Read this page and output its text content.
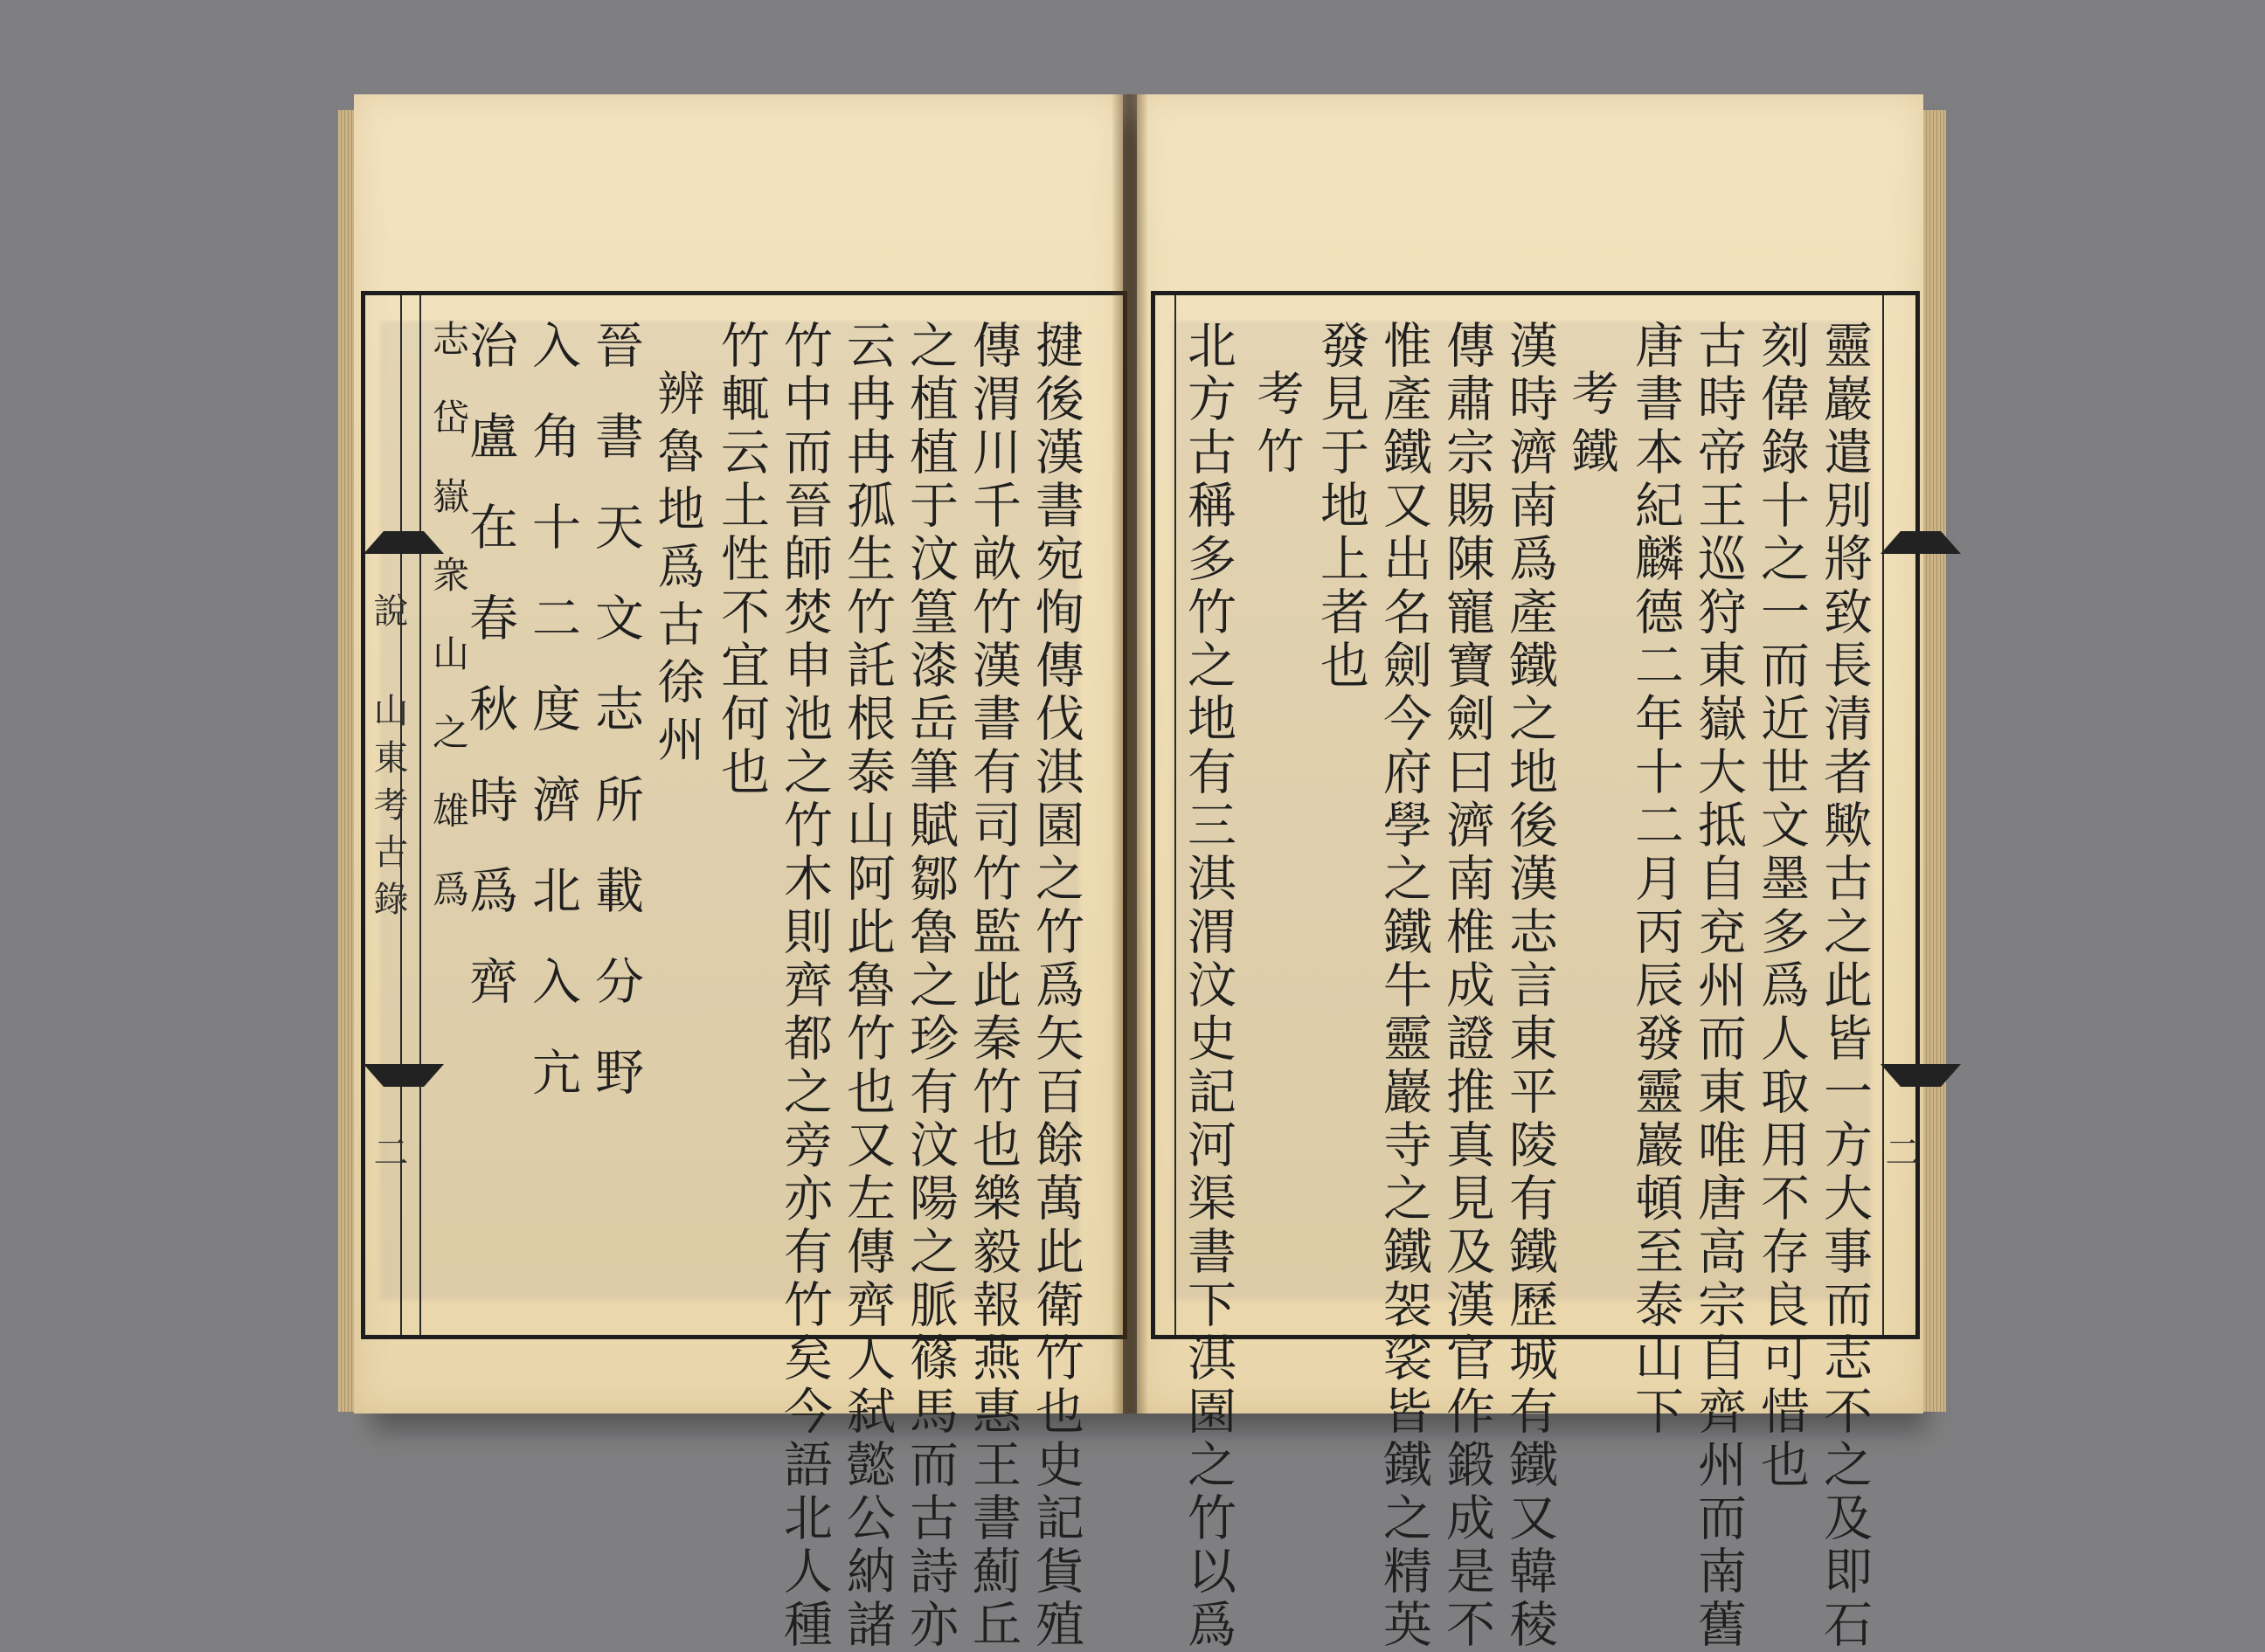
說 山東考古錄
二	揵後漢書宛恂傳伐淇園之竹爲矢百餘萬此衛竹也史記貨殖
傳渭川千畝竹漢書有司竹監此秦竹也樂毅報燕惠王書薊丘
之植植于汶篁漆岳筆賦鄒魯之珍有汶陽之脈篠馬而古詩亦
云冉冉孤生竹託根泰山阿此魯竹也又左傳齊人弑懿公納諸
竹中而晉師焚申池之竹木則齊都之旁亦有竹矣今語北人種
竹輒云土性不宜何也
辨魯地爲古徐州
晉書天文志所載分野
入角十二度濟北入亢
治盧在春秋時爲齊
志岱嶽衆山之雄爲
二
靈巖遣別將致長清者歟古之此皆一方大事而志不之及即石
刻偉錄十之一而近世文墨多爲人取用不存良可惜也
古時帝王巡狩東嶽大抵自兗州而東唯唐高宗自齊州而南舊
唐書本紀麟德二年十二月丙辰發靈巖頓至泰山下
考鐵
漢時濟南爲產鐵之地後漢志言東平陵有鐵歷城有鐵又韓稜
傳肅宗賜陳寵寶劍曰濟南椎成證推真見及漢官作鍛成是不
惟產鐵又出名劍今府學之鐵牛靈巖寺之鐵袈裟皆鐵之精英
發見于地上者也
考竹
北方古稱多竹之地有三淇渭汶史記河渠書下淇園之竹以爲
